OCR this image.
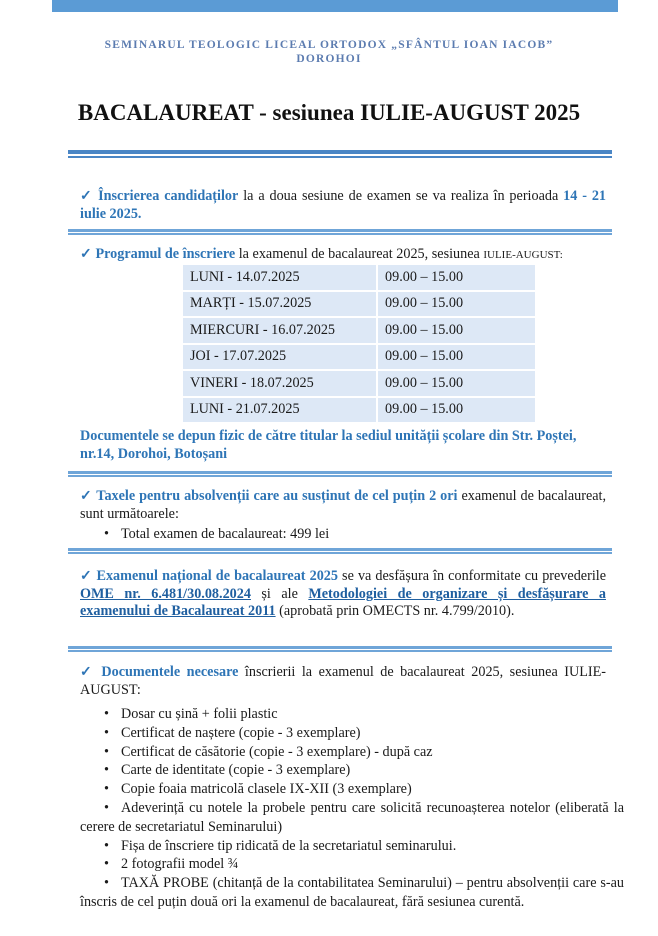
SEMINARUL TEOLOGIC LICEAL ORTODOX „SFÂNTUL IOAN IACOB”
DOROHOI
BACALAUREAT - sesiunea IULIE-AUGUST 2025
✓ Înscrierea candidaților la a doua sesiune de examen se va realiza în perioada 14 - 21 iulie 2025.
✓ Programul de înscriere la examenul de bacalaureat 2025, sesiunea IULIE-AUGUST:
LUNI - 14.07.2025	09.00 – 15.00
MARȚI - 15.07.2025	09.00 – 15.00
MIERCURI - 16.07.2025	09.00 – 15.00
JOI - 17.07.2025	09.00 – 15.00
VINERI - 18.07.2025	09.00 – 15.00
LUNI - 21.07.2025	09.00 – 15.00
Documentele se depun fizic de către titular la sediul unității școlare din Str. Poștei, nr.14, Dorohoi, Botoșani
✓ Taxele pentru absolvenții care au susținut de cel puțin 2 ori examenul de bacalaureat, sunt următoarele:
• Total examen de bacalaureat: 499 lei
✓ Examenul național de bacalaureat 2025 se va desfășura în conformitate cu prevederile OME nr. 6.481/30.08.2024 și ale Metodologiei de organizare și desfășurare a examenului de Bacalaureat 2011 (aprobată prin OMECTS nr. 4.799/2010).
✓ Documentele necesare înscrierii la examenul de bacalaureat 2025, sesiunea IULIE-AUGUST:
• Dosar cu șină + folii plastic
• Certificat de naștere (copie - 3 exemplare)
• Certificat de căsătorie (copie - 3 exemplare) - după caz
• Carte de identitate (copie - 3 exemplare)
• Copie foaia matricolă clasele IX-XII (3 exemplare)
• Adeverință cu notele la probele pentru care solicită recunoașterea notelor (eliberată la cerere de secretariatul Seminarului)
• Fișa de înscriere tip ridicată de la secretariatul seminarului.
• 2 fotografii model ¾
• TAXĂ PROBE (chitanță de la contabilitatea Seminarului) – pentru absolvenții care s-au înscris de cel puțin două ori la examenul de bacalaureat, fără sesiunea curentă.
